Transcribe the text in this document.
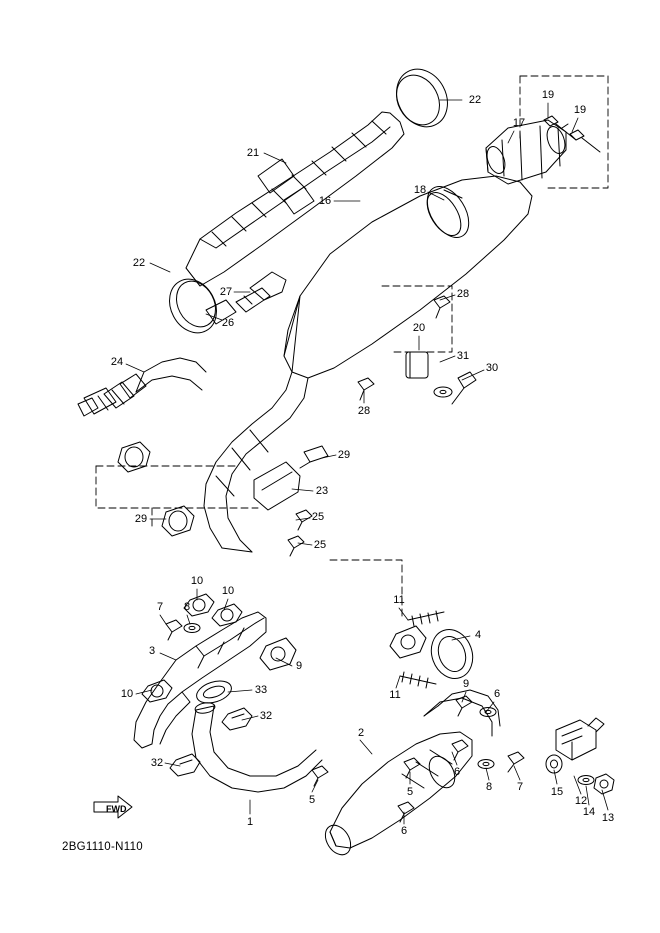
FWD
2BG1110-N110
22	19
19
17
21
16
18
22
27
26
28
20
31
30
24
28
29
23
25
29
25
10
10
11
7 8
4
3
9
10	11
9
6
33
32
2
32
6
8
5	7	15
12
14 13
5
6
1
